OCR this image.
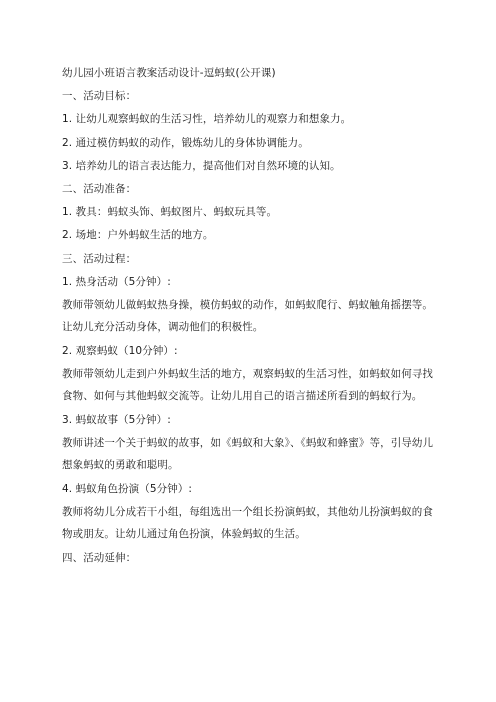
幼儿园小班语言教案活动设计-逗蚂蚁(公开课)
一、活动目标：
1. 让幼儿观察蚂蚁的生活习性，培养幼儿的观察力和想象力。
2. 通过模仿蚂蚁的动作，锻炼幼儿的身体协调能力。
3. 培养幼儿的语言表达能力，提高他们对自然环境的认知。
二、活动准备：
1. 教具：蚂蚁头饰、蚂蚁图片、蚂蚁玩具等。
2. 场地：户外蚂蚁生活的地方。
三、活动过程：
1. 热身活动（5分钟）:
教师带领幼儿做蚂蚁热身操，模仿蚂蚁的动作，如蚂蚁爬行、蚂蚁触角摇摆等。
让幼儿充分活动身体，调动他们的积极性。
2. 观察蚂蚁（10分钟）:
教师带领幼儿走到户外蚂蚁生活的地方，观察蚂蚁的生活习性，如蚂蚁如何寻找
食物、如何与其他蚂蚁交流等。让幼儿用自己的语言描述所看到的蚂蚁行为。
3. 蚂蚁故事（5分钟）:
教师讲述一个关于蚂蚁的故事，如《蚂蚁和大象》、《蚂蚁和蜂蜜》等，引导幼儿
想象蚂蚁的勇敢和聪明。
4. 蚂蚁角色扮演（5分钟）:
教师将幼儿分成若干小组，每组选出一个组长扮演蚂蚁，其他幼儿扮演蚂蚁的食
物或朋友。让幼儿通过角色扮演，体验蚂蚁的生活。
四、活动延伸：
